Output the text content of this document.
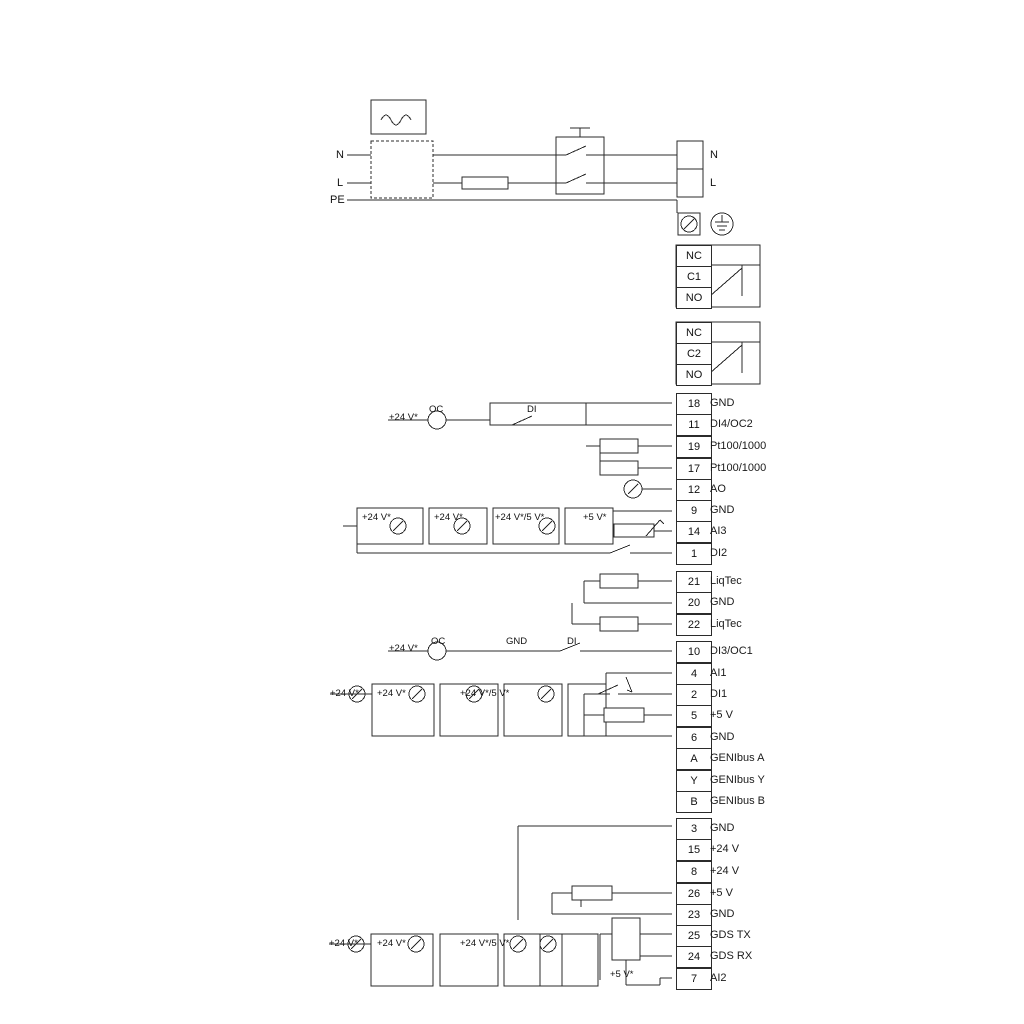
N
L
PE
N
L
NC
C1
NO
NC
C2
NO
18 GND
11 DI4/OC2
19 Pt100/1000
17 Pt100/1000
12 AO
9	GND
14 AI3
1	DI2
21 LiqTec
20 GND
22 LiqTec
10 DI3/OC1
4	AI1
2	DI1
5	+5 V
6	GND
A	GENIbus A
Y	GENIbus Y
B	GENIbus B
3	GND
15 +24 V
8	+24 V
26 +5 V
23 GND
25 GDS TX
24 GDS RX
7	AI2
OC	DI
+24 V*
+24 V*	+24 V*	+24 V*/5 V*	+5 V*
OC
+24 V*
GND	DI
+24 V* +24 V*	+24 V*/5 V*
+24 V* +24 V*	+24 V*/5 V*
+5 V*
